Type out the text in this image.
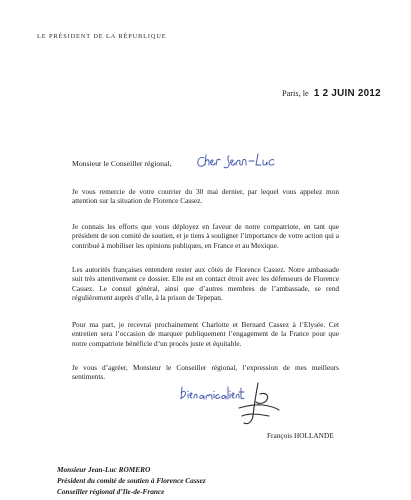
LE PRÉSIDENT DE LA RÉPUBLIQUE
Paris, le 1 2 JUIN 2012
Monsieur le Conseiller régional,

Je vous remercie de votre courrier du 30 mai dernier, par lequel vous appelez mon attention sur la situation de Florence Cassez.

Je connais les efforts que vous déployez en faveur de notre compatriote, en tant que président de son comité de soutien, et je tiens à souligner l’importance de votre action qui a contribué à mobiliser les opinions publiques, en France et au Mexique.

Les autorités françaises entendent rester aux côtés de Florence Cassez. Notre ambassade suit très attentivement ce dossier. Elle est en contact étroit avec les défenseurs de Florence Cassez. Le consul général, ainsi que d’autres membres de l’ambassade, se rend régulièrement auprès d’elle, à la prison de Tepepan.

Pour ma part, je recevrai prochainement Charlotte et Bernard Cassez à l’Elysée. Cet entretien sera l’occasion de marquer publiquement l’engagement de la France pour que notre compatriote bénéficie d’un procès juste et équitable.

Je vous d’agréer, Monsieur le Conseiller régional, l’expression de mes meilleurs sentiments.

François HOLLANDE
Monsieur Jean-Luc ROMERO
Président du comité de soutien à Florence Cassez
Conseiller régional d’Ile-de-France
